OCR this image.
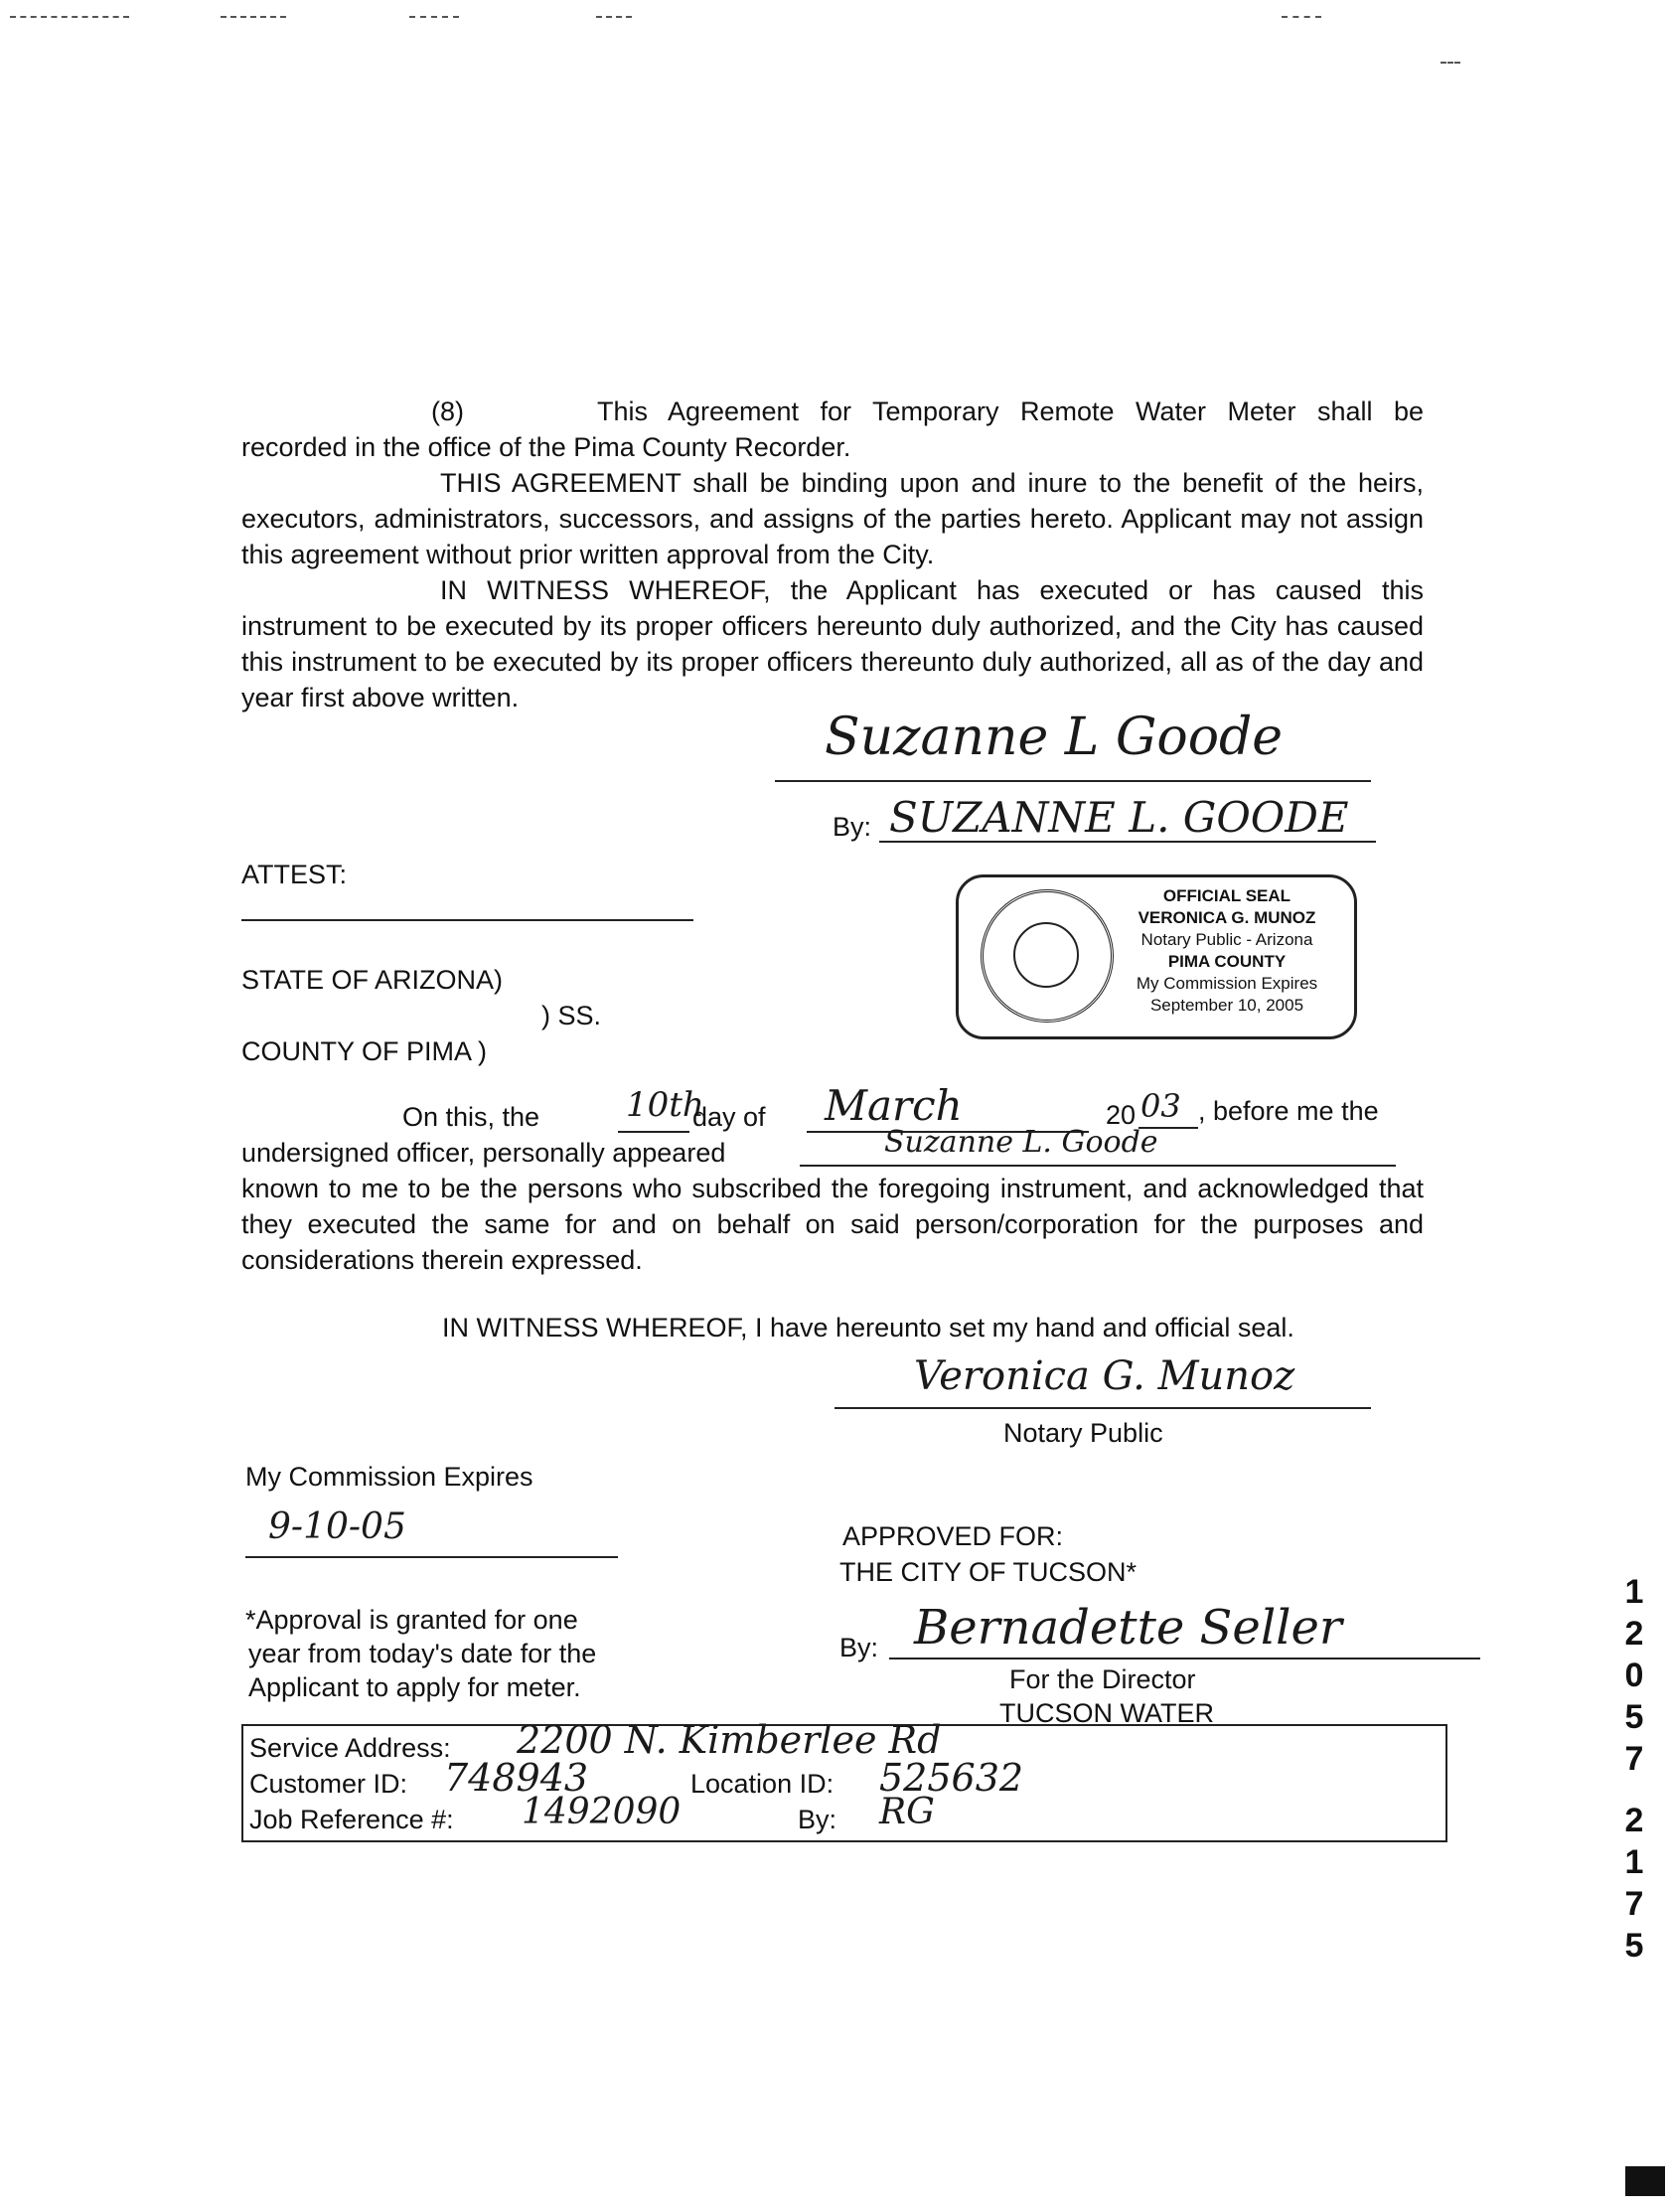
(8)	This Agreement for Temporary Remote Water Meter shall be recorded in the office of the Pima County Recorder.
THIS AGREEMENT shall be binding upon and inure to the benefit of the heirs, executors, administrators, successors, and assigns of the parties hereto. Applicant may not assign this agreement without prior written approval from the City.
IN WITNESS WHEREOF, the Applicant has executed or has caused this instrument to be executed by its proper officers hereunto duly authorized, and the City has caused this instrument to be executed by its proper officers thereunto duly authorized, all as of the day and year first above written.
Suzanne L Goode
By: SUZANNE L. GOODE
ATTEST:
OFFICIAL SEAL
VERONICA G. MUNOZ
Notary Public - Arizona
PIMA COUNTY
My Commission Expires
September 10, 2005
STATE OF ARIZONA)
) SS.
COUNTY OF PIMA )
On this, the	10th
day of March	20 03 , before me the
undersigned officer, personally appeared	Suzanne L. Goode
known to me to be the persons who subscribed the foregoing instrument, and acknowledged that they executed the same for and on behalf on said person/corporation for the purposes and considerations therein expressed.
IN WITNESS WHEREOF, I have hereunto set my hand and official seal.
Veronica G. Munoz
Notary Public
My Commission Expires
9-10-05	APPROVED FOR:
THE CITY OF TUCSON*
By: Bernadette Seller
For the Director
TUCSON WATER
*Approval is granted for one
year from today's date for the
Applicant to apply for meter.
Service Address: 2200 N. Kimberlee Rd
Customer ID: 748943	Location ID: 525632
Job Reference #: 1492090	By: RG
1
2
0
5
7
2
1
7
5
